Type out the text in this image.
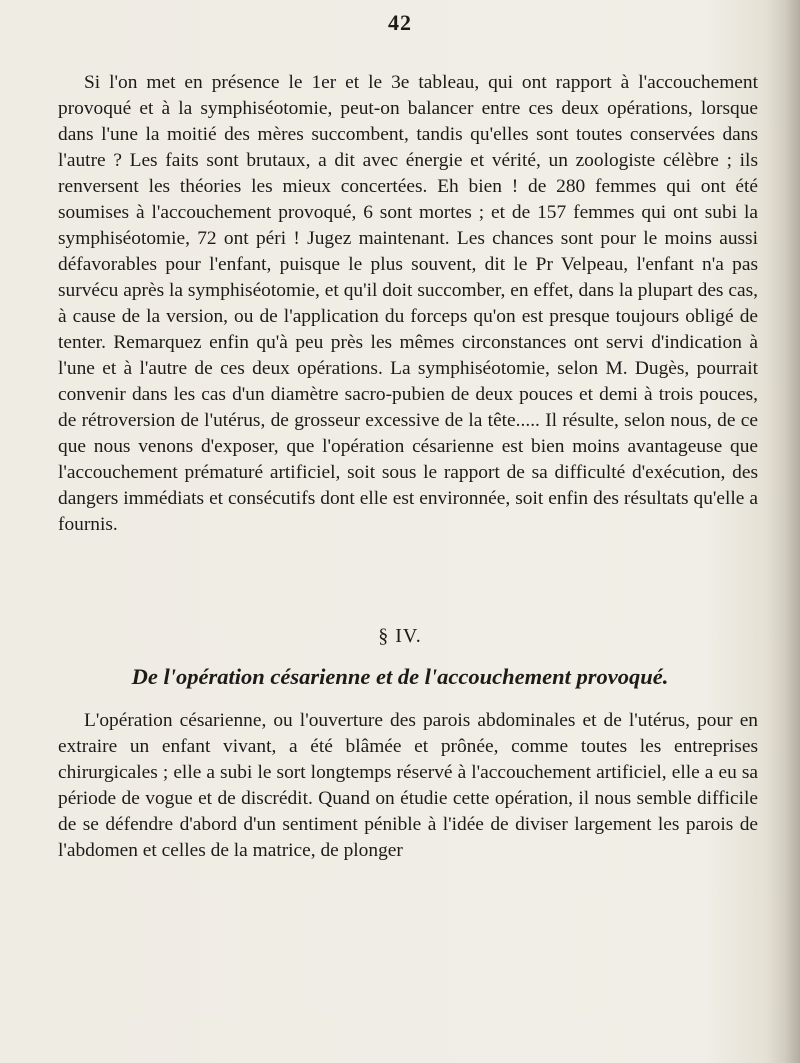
42

Si l'on met en présence le 1er et le 3e tableau, qui ont rapport à l'accouchement provoqué et à la symphiséotomie, peut-on balancer entre ces deux opérations, lorsque dans l'une la moitié des mères succombent, tandis qu'elles sont toutes conservées dans l'autre ? Les faits sont brutaux, a dit avec énergie et vérité, un zoologiste célèbre ; ils renversent les théories les mieux concertées. Eh bien ! de 280 femmes qui ont été soumises à l'accouchement provoqué, 6 sont mortes ; et de 157 femmes qui ont subi la symphiséotomie, 72 ont péri ! Jugez maintenant. Les chances sont pour le moins aussi défavorables pour l'enfant, puisque le plus souvent, dit le Pr Velpeau, l'enfant n'a pas survécu après la symphiséotomie, et qu'il doit succomber, en effet, dans la plupart des cas, à cause de la version, ou de l'application du forceps qu'on est presque toujours obligé de tenter. Remarquez enfin qu'à peu près les mêmes circonstances ont servi d'indication à l'une et à l'autre de ces deux opérations. La symphiséotomie, selon M. Dugès, pourrait convenir dans les cas d'un diamètre sacro-pubien de deux pouces et demi à trois pouces, de rétroversion de l'utérus, de grosseur excessive de la tête..... Il résulte, selon nous, de ce que nous venons d'exposer, que l'opération césarienne est bien moins avantageuse que l'accouchement prématuré artificiel, soit sous le rapport de sa difficulté d'exécution, des dangers immédiats et consécutifs dont elle est environnée, soit enfin des résultats qu'elle a fournis.

§ IV.
De l'opération césarienne et de l'accouchement provoqué.

L'opération césarienne, ou l'ouverture des parois abdominales et de l'utérus, pour en extraire un enfant vivant, a été blâmée et prônée, comme toutes les entreprises chirurgicales ; elle a subi le sort longtemps réservé à l'accouchement artificiel, elle a eu sa période de vogue et de discrédit. Quand on étudie cette opération, il nous semble difficile de se défendre d'abord d'un sentiment pénible à l'idée de diviser largement les parois de l'abdomen et celles de la matrice, de plonger
